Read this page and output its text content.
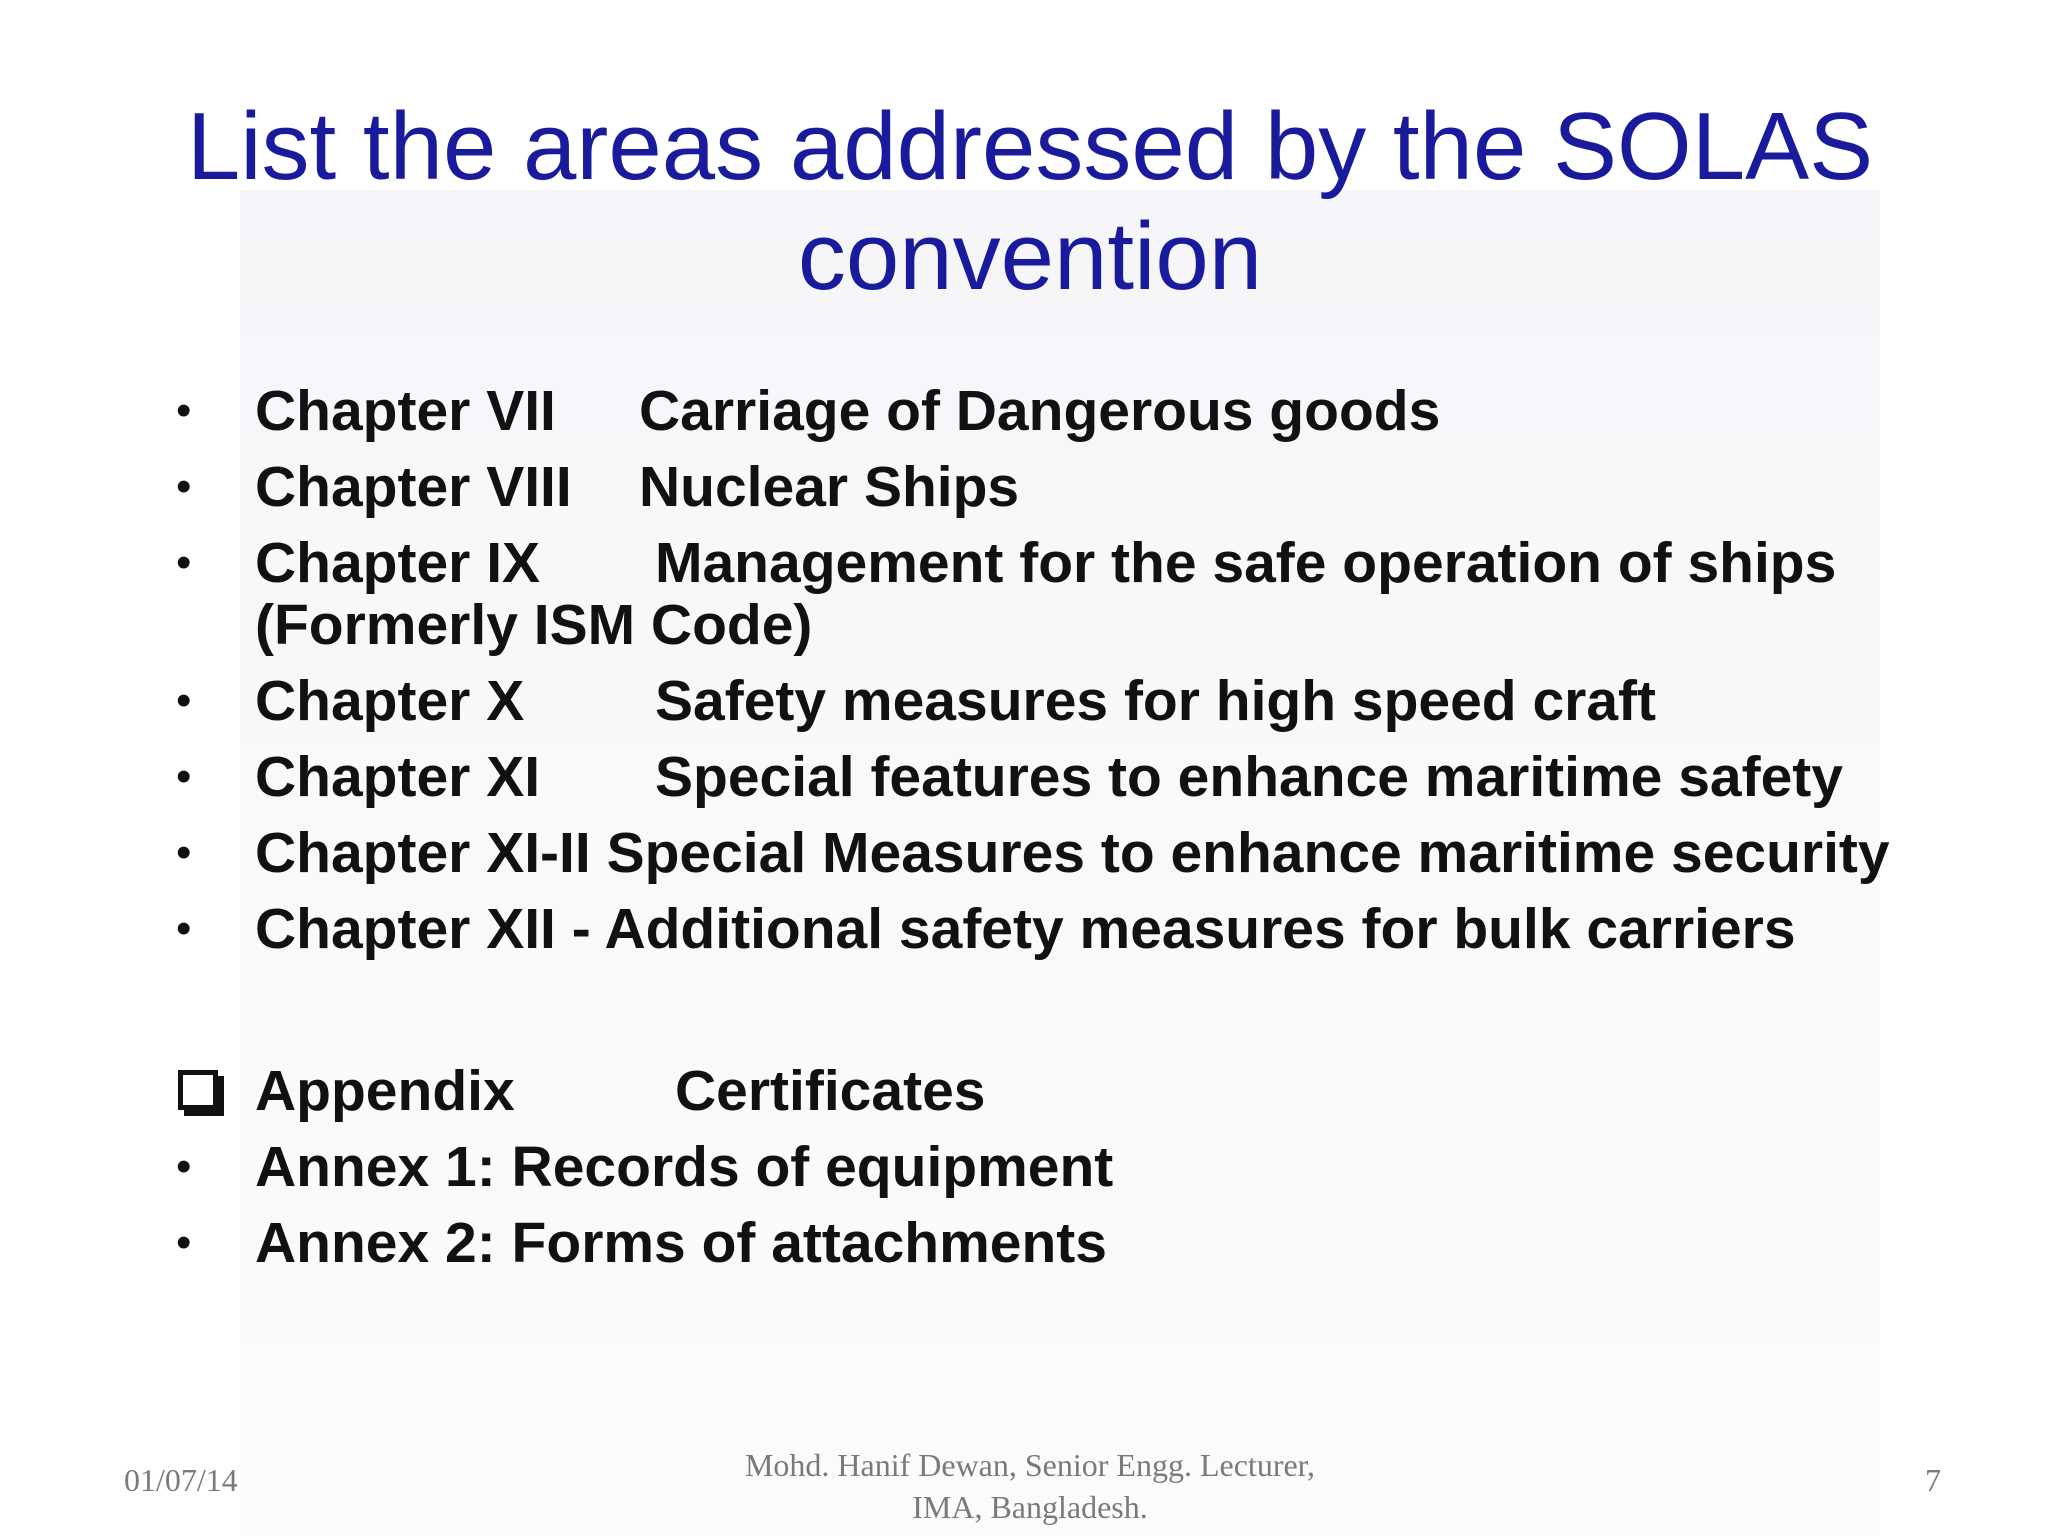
List the areas addressed by the SOLAS
convention
• Chapter VII Carriage of Dangerous goods
• Chapter VIII Nuclear Ships
• Chapter IX Management for the safe operation of ships (Formerly ISM Code)
• Chapter X Safety measures for high speed craft
• Chapter XI Special features to enhance maritime safety
• Chapter XI-II Special Measures to enhance maritime security
• Chapter XII - Additional safety measures for bulk carriers
Appendix	Certificates
• Annex 1: Records of equipment
• Annex 2: Forms of attachments
01/07/14	Mohd. Hanif Dewan, Senior Engg. Lecturer,
IMA, Bangladesh.
7
